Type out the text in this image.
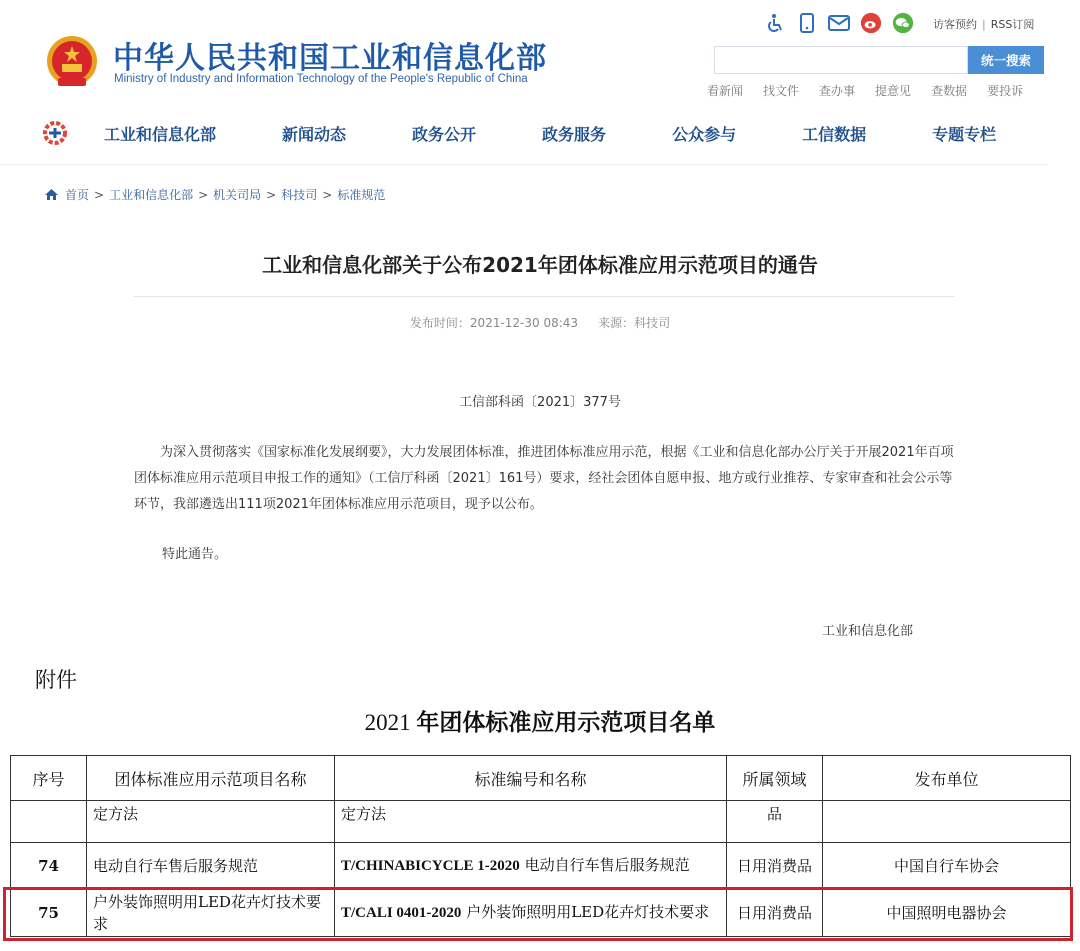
中华人民共和国工业和信息化部
Ministry of Industry and Information Technology of the People's Republic of China
访客预约 | RSS订阅
统一搜索
看新闻 找文件 查办事 提意见 查数据 要投诉
工业和信息化部	新闻动态	政务公开	政务服务	公众参与	工信数据	专题专栏
首页 > 工业和信息化部 > 机关司局 > 科技司 > 标准规范
工业和信息化部关于公布2021年团体标准应用示范项目的通告
发布时间：2021-12-30 08:43 来源：科技司
工信部科函〔2021〕377号
为深入贯彻落实《国家标准化发展纲要》，大力发展团体标准，推进团体标准应用示范，根据《工业和信息化部办公厅关于开展2021年百项团体标准应用示范项目申报工作的通知》（工信厅科函〔2021〕161号）要求，经社会团体自愿申报、地方或行业推荐、专家审查和社会公示等环节，我部遴选出111项2021年团体标准应用示范项目，现予以公布。
特此通告。
工业和信息化部
附件
2021 年团体标准应用示范项目名单
序号	团体标准应用示范项目名称	标准编号和名称	所属领域	发布单位
	定方法	定方法	品	
74	电动自行车售后服务规范	T/CHINABICYCLE 1-2020 电动自行车售后服务规范	日用消费品	中国自行车协会
75	户外装饰照明用LED花卉灯技术要求	T/CALI 0401-2020 户外装饰照明用LED花卉灯技术要求	日用消费品	中国照明电器协会
